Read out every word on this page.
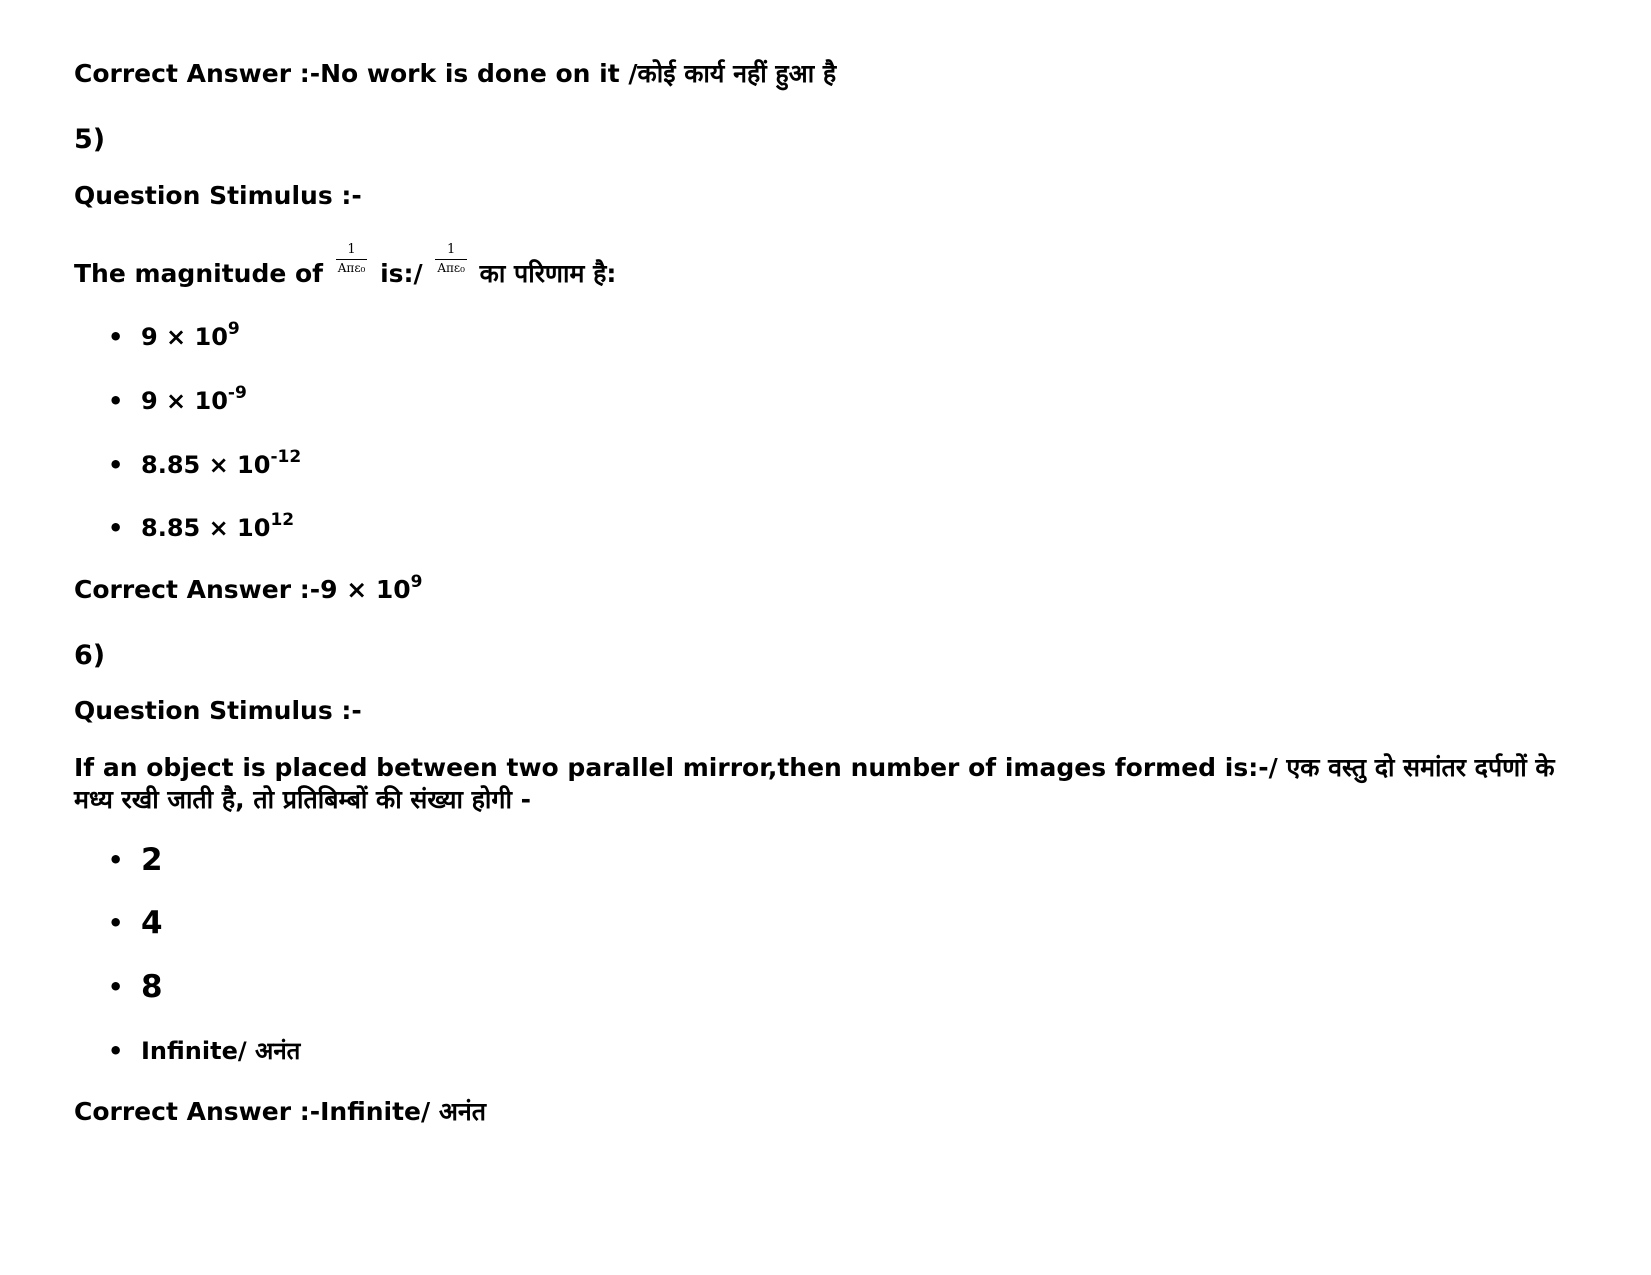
Correct Answer :-No work is done on it /कोई कार्य नहीं हुआ है
5)
Question Stimulus :-
The magnitude of $\frac{1}{\text{Aπε₀}}$ is:/ $\frac{1}{\text{Aπε₀}}$ का परिणाम है:
• $9 \times 10^9$
• $9 \times 10^{-9}$
• $8.85 \times 10^{-12}$
• $8.85 \times 10^{12}$
Correct Answer :-9 × $10^9$
6)
Question Stimulus :-
If an object is placed between two parallel mirror,then number of images formed is:-/ एक वस्तु दो समांतर दर्पणों के मध्य रखी जाती है, तो प्रतिबिम्बों की संख्या होगी -
• 2
• 4
• 8
• Infinite/ अनंत
Correct Answer :-Infinite/ अनंत
